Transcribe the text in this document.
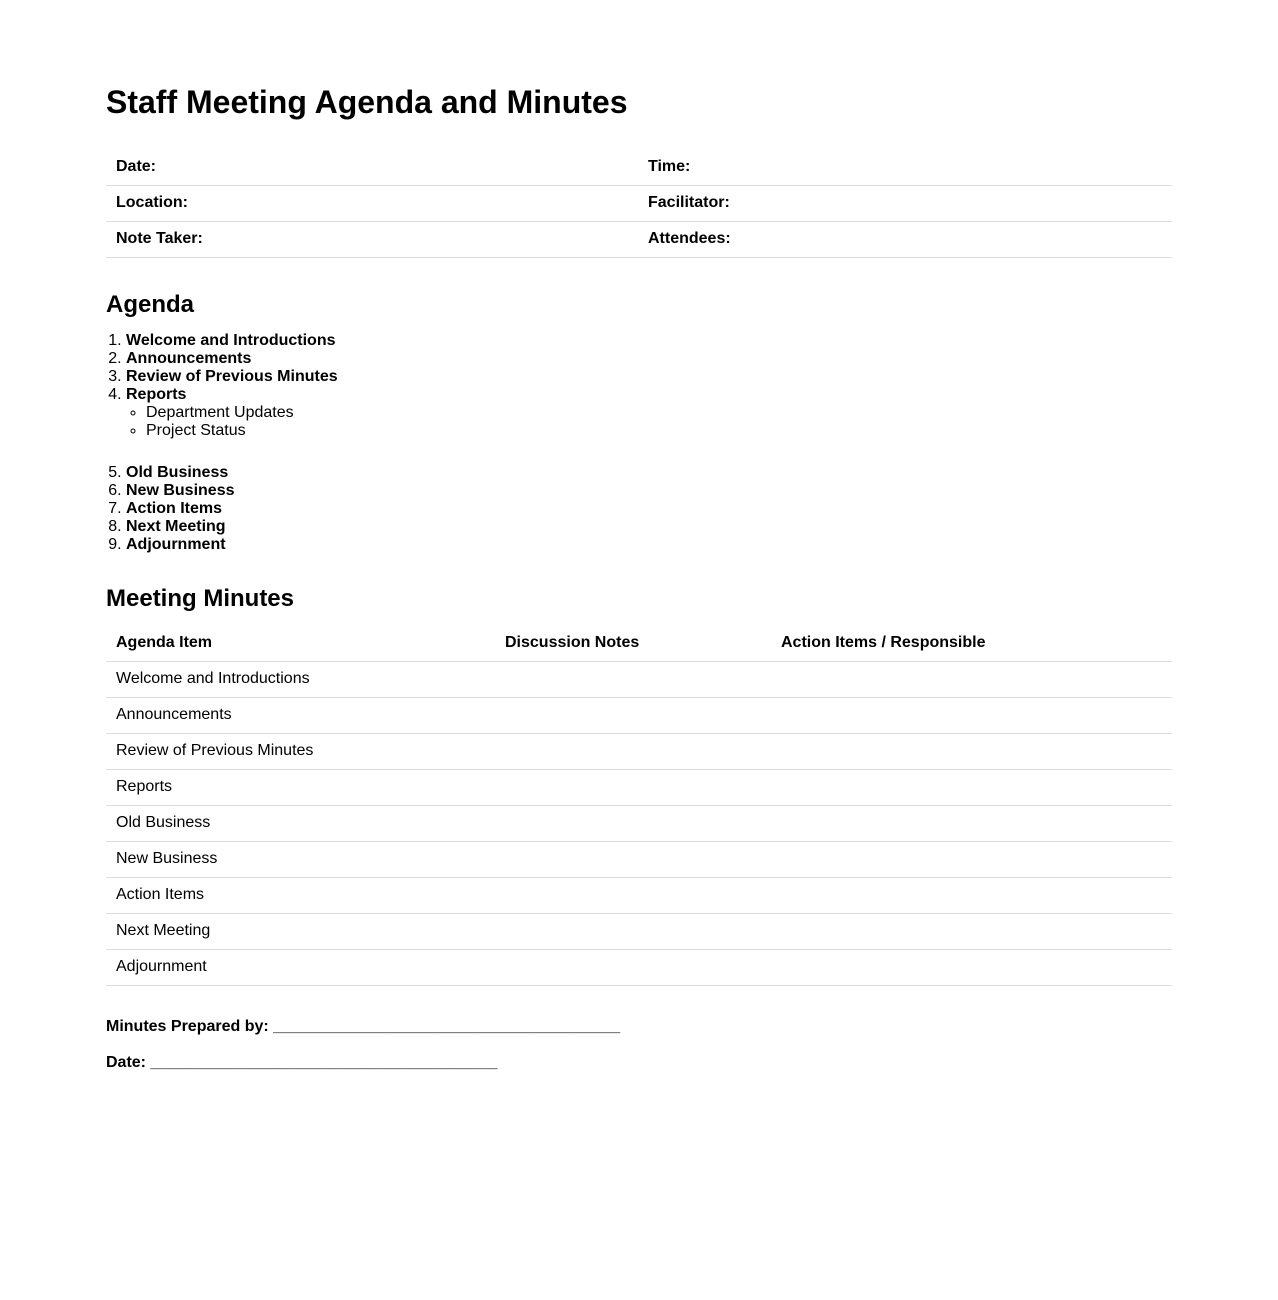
Staff Meeting Agenda and Minutes
Date:	Time:
Location:	Facilitator:
Note Taker:	Attendees:
Agenda
1. Welcome and Introductions
2. Announcements
3. Review of Previous Minutes
4. Reports
◦ Department Updates
◦ Project Status
5. Old Business
6. New Business
7. Action Items
8. Next Meeting
9. Adjournment
Meeting Minutes
Agenda Item	Discussion Notes	Action Items / Responsible
Welcome and Introductions		
Announcements		
Review of Previous Minutes		
Reports		
Old Business		
New Business		
Action Items		
Next Meeting		
Adjournment		

Minutes Prepared by: _______________________________________

Date: _______________________________________
